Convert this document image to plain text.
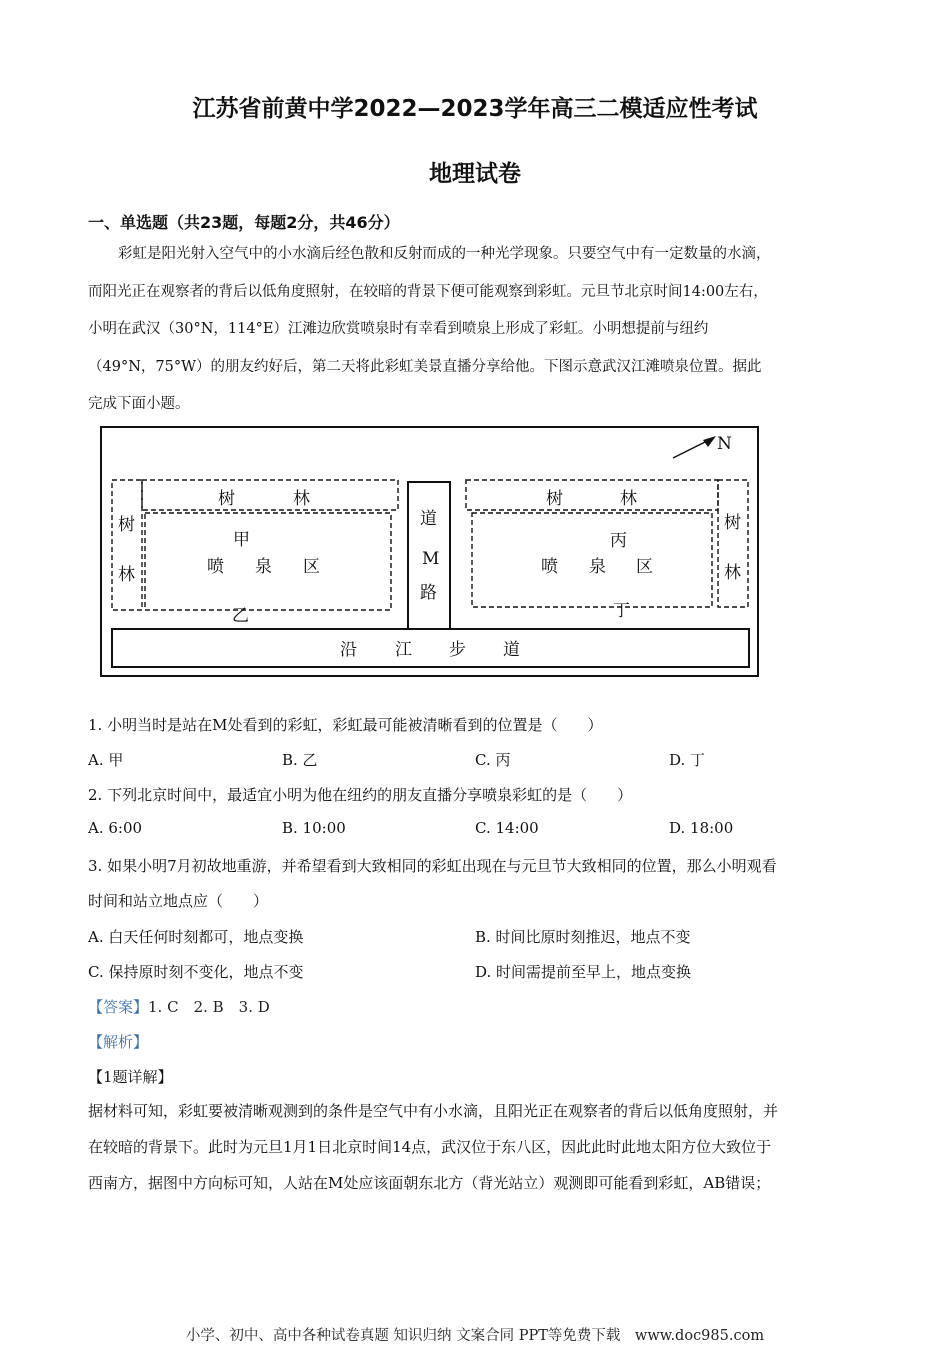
江苏省前黄中学2022—2023学年高三二模适应性考试
地理试卷
一、单选题（共23题，每题2分，共46分）
彩虹是阳光射入空气中的小水滴后经色散和反射而成的一种光学现象。只要空气中有一定数量的水滴，
而阳光正在观察者的背后以低角度照射，在较暗的背景下便可能观察到彩虹。元旦节北京时间14:00左右，
小明在武汉（30°N，114°E）江滩边欣赏喷泉时有幸看到喷泉上形成了彩虹。小明想提前与纽约
（49°N，75°W）的朋友约好后，第二天将此彩虹美景直播分享给他。下图示意武汉江滩喷泉位置。据此
完成下面小题。
N
树	林
树
林
甲
喷 泉 区
乙
道
M
路
树	林
树
林
丙
喷 泉 区
丁
沿 江 步 道
1. 小明当时是站在M处看到的彩虹，彩虹最可能被清晰看到的位置是（　　）
A. 甲	B. 乙	C. 丙	D. 丁
2. 下列北京时间中，最适宜小明为他在纽约的朋友直播分享喷泉彩虹的是（　　）
A. 6:00	B. 10:00	C. 14:00	D. 18:00
3. 如果小明7月初故地重游，并希望看到大致相同的彩虹出现在与元旦节大致相同的位置，那么小明观看
时间和站立地点应（　　）
A. 白天任何时刻都可，地点变换	B. 时间比原时刻推迟，地点不变
C. 保持原时刻不变化，地点不变	D. 时间需提前至早上，地点变换
【答案】1. C　2. B　3. D
【解析】
【1题详解】
据材料可知，彩虹要被清晰观测到的条件是空气中有小水滴，且阳光正在观察者的背后以低角度照射，并
在较暗的背景下。此时为元旦1月1日北京时间14点，武汉位于东八区，因此此时此地太阳方位大致位于
西南方，据图中方向标可知，人站在M处应该面朝东北方（背光站立）观测即可能看到彩虹，AB错误；
小学、初中、高中各种试卷真题 知识归纳 文案合同 PPT等免费下载　www.doc985.com
